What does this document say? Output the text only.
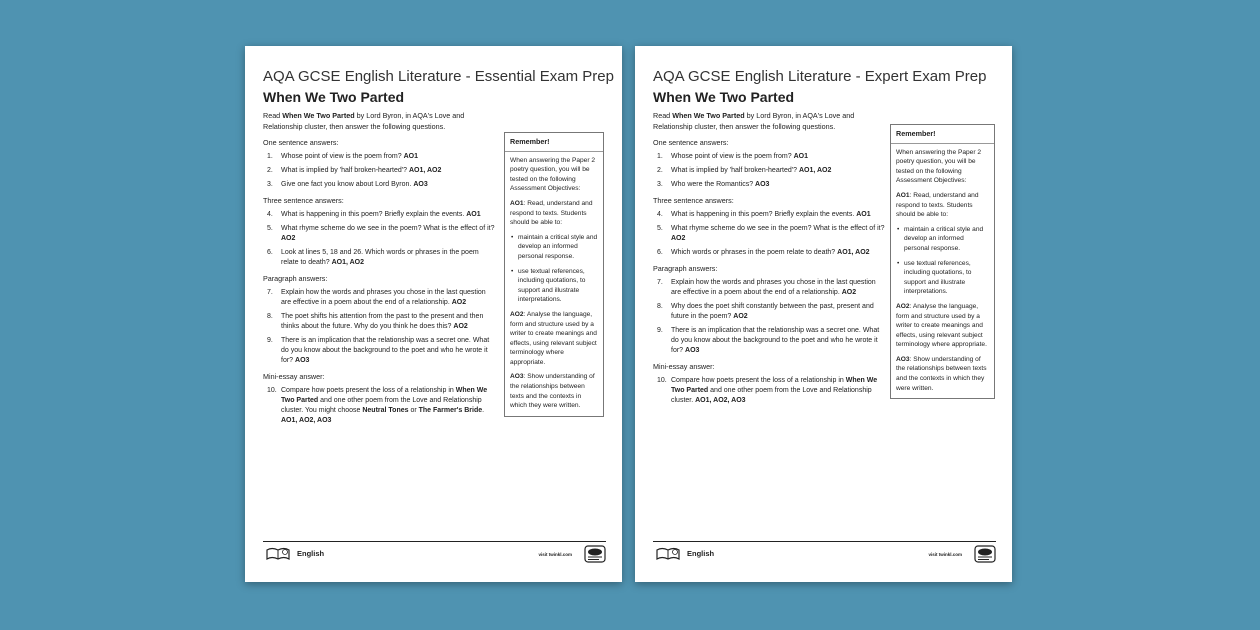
AQA GCSE English Literature - Essential Exam Prep
When We Two Parted
Read When We Two Parted by Lord Byron, in AQA's Love and Relationship cluster, then answer the following questions.
One sentence answers:
1. Whose point of view is the poem from? AO1
2. What is implied by 'half broken-hearted'? AO1, AO2
3. Give one fact you know about Lord Byron. AO3
Three sentence answers:
4. What is happening in this poem? Briefly explain the events. AO1
5. What rhyme scheme do we see in the poem? What is the effect of it? AO2
6. Look at lines 5, 18 and 26. Which words or phrases in the poem relate to death? AO1, AO2
Paragraph answers:
7. Explain how the words and phrases you chose in the last question are effective in a poem about the end of a relationship. AO2
8. The poet shifts his attention from the past to the present and then thinks about the future. Why do you think he does this? AO2
9. There is an implication that the relationship was a secret one. What do you know about the background to the poet and who he wrote it for? AO3
Mini-essay answer:
10. Compare how poets present the loss of a relationship in When We Two Parted and one other poem from the Love and Relationship cluster. You might choose Neutral Tones or The Farmer's Bride. AO1, AO2, AO3
Remember!

When answering the Paper 2 poetry question, you will be tested on the following Assessment Objectives:

AO1: Read, understand and respond to texts. Students should be able to:

• maintain a critical style and develop an informed personal response.
• use textual references, including quotations, to support and illustrate interpretations.

AO2: Analyse the language, form and structure used by a writer to create meanings and effects, using relevant subject terminology where appropriate.

AO3: Show understanding of the relationships between texts and the contexts in which they were written.

English	visit twinkl.com
AQA GCSE English Literature - Expert Exam Prep
When We Two Parted
Read When We Two Parted by Lord Byron, in AQA's Love and Relationship cluster, then answer the following questions.
One sentence answers:
1. Whose point of view is the poem from? AO1
2. What is implied by 'half broken-hearted'? AO1, AO2
3. Who were the Romantics? AO3
Three sentence answers:
4. What is happening in this poem? Briefly explain the events. AO1
5. What rhyme scheme do we see in the poem? What is the effect of it? AO2
6. Which words or phrases in the poem relate to death? AO1, AO2
Paragraph answers:
7. Explain how the words and phrases you chose in the last question are effective in a poem about the end of a relationship. AO2
8. Why does the poet shift constantly between the past, present and future in the poem? AO2
9. There is an implication that the relationship was a secret one. What do you know about the background to the poet and who he wrote it for? AO3
Mini-essay answer:
10. Compare how poets present the loss of a relationship in When We Two Parted and one other poem from the Love and Relationship cluster. AO1, AO2, AO3
Remember!

When answering the Paper 2 poetry question, you will be tested on the following Assessment Objectives:

AO1: Read, understand and respond to texts. Students should be able to:

• maintain a critical style and develop an informed personal response.
• use textual references, including quotations, to support and illustrate interpretations.

AO2: Analyse the language, form and structure used by a writer to create meanings and effects, using relevant subject terminology where appropriate.

AO3: Show understanding of the relationships between texts and the contexts in which they were written.

English	visit twinkl.com
